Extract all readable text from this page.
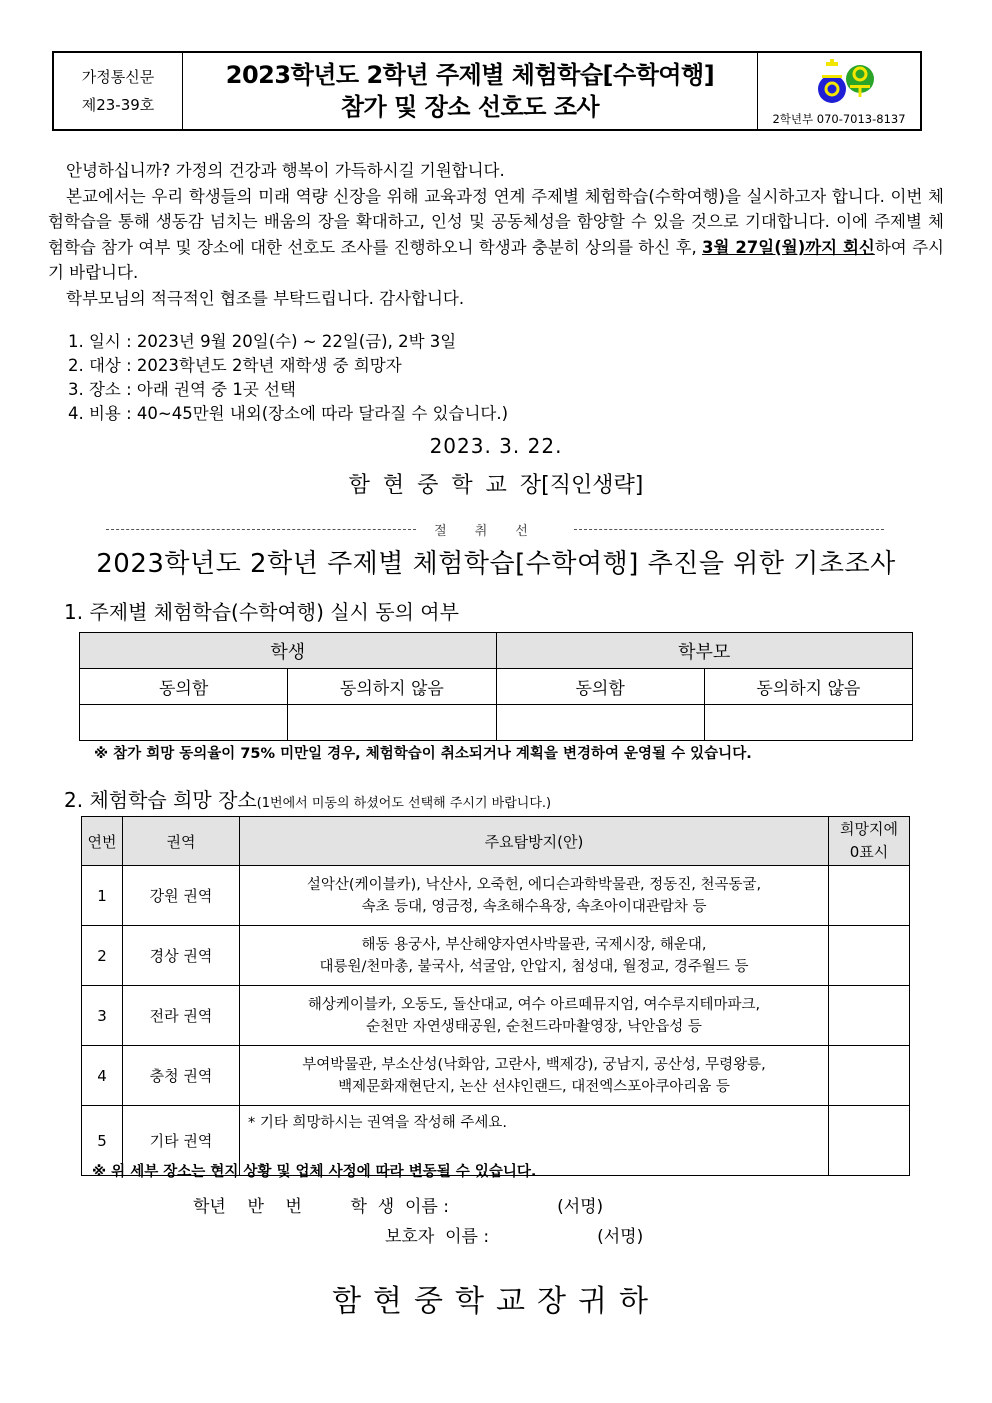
가정통신문
제23-39호
2023학년도 2학년 주제별 체험학습[수학여행]
참가 및 장소 선호도 조사	2학년부 070-7013-8137

안녕하십니까? 가정의 건강과 행복이 가득하시길 기원합니다.

본교에서는 우리 학생들의 미래 역량 신장을 위해 교육과정 연계 주제별 체험학습(수학여행)을 실시하고자 합니다. 이번 체험학습을 통해 생동감 넘치는 배움의 장을 확대하고, 인성 및 공동체성을 함양할 수 있을 것으로 기대합니다. 이에 주제별 체험학습 참가 여부 및 장소에 대한 선호도 조사를 진행하오니 학생과 충분히 상의를 하신 후, 3월 27일(월)까지 회신하여 주시기 바랍니다.

학부모님의 적극적인 협조를 부탁드립니다. 감사합니다.

1. 일시 : 2023년 9월 20일(수) ~ 22일(금), 2박 3일
2. 대상 : 2023학년도 2학년 재학생 중 희망자
3. 장소 : 아래 권역 중 1곳 선택
4. 비용 : 40~45만원 내외(장소에 따라 달라질 수 있습니다.)
2023. 3. 22.
함 현 중 학 교 장[직인생략]
절취선
2023학년도 2학년 주제별 체험학습[수학여행] 추진을 위한 기초조사
1. 주제별 체험학습(수학여행) 실시 동의 여부
학생		학부모	
동의함	동의하지 않음	동의함	동의하지 않음

※ 참가 희망 동의율이 75% 미만일 경우, 체험학습이 취소되거나 계획을 변경하여 운영될 수 있습니다.
2. 체험학습 희망 장소(1번에서 미동의 하셨어도 선택해 주시기 바랍니다.)
연번	권역	주요탐방지(안)	희망지에
0표시

1	강원 권역	설악산(케이블카), 낙산사, 오죽헌, 에디슨과학박물관, 정동진, 천곡동굴,
속초 등대, 영금정, 속초해수욕장, 속초아이대관람차 등	

2	경상 권역	해동 용궁사, 부산해양자연사박물관, 국제시장, 해운대,
대릉원/천마총, 불국사, 석굴암, 안압지, 첨성대, 월정교, 경주월드 등	

3	전라 권역	해상케이블카, 오동도, 돌산대교, 여수 아르떼뮤지엄, 여수루지테마파크,
순천만 자연생태공원, 순천드라마촬영장, 낙안읍성 등	

4	충청 권역	부여박물관, 부소산성(낙화암, 고란사, 백제강), 궁남지, 공산성, 무령왕릉,
백제문화재현단지, 논산 선샤인랜드, 대전엑스포아쿠아리움 등	

5	기타 권역	* 기타 희망하시는 권역을 작성해 주세요.	

※ 위 세부 장소는 현지 상황 및 업체 사정에 따라 변동될 수 있습니다.
학년    반    번         학  생  이름 :                    (서명)
보호자  이름 :                    (서명)
함현중학교장귀하
